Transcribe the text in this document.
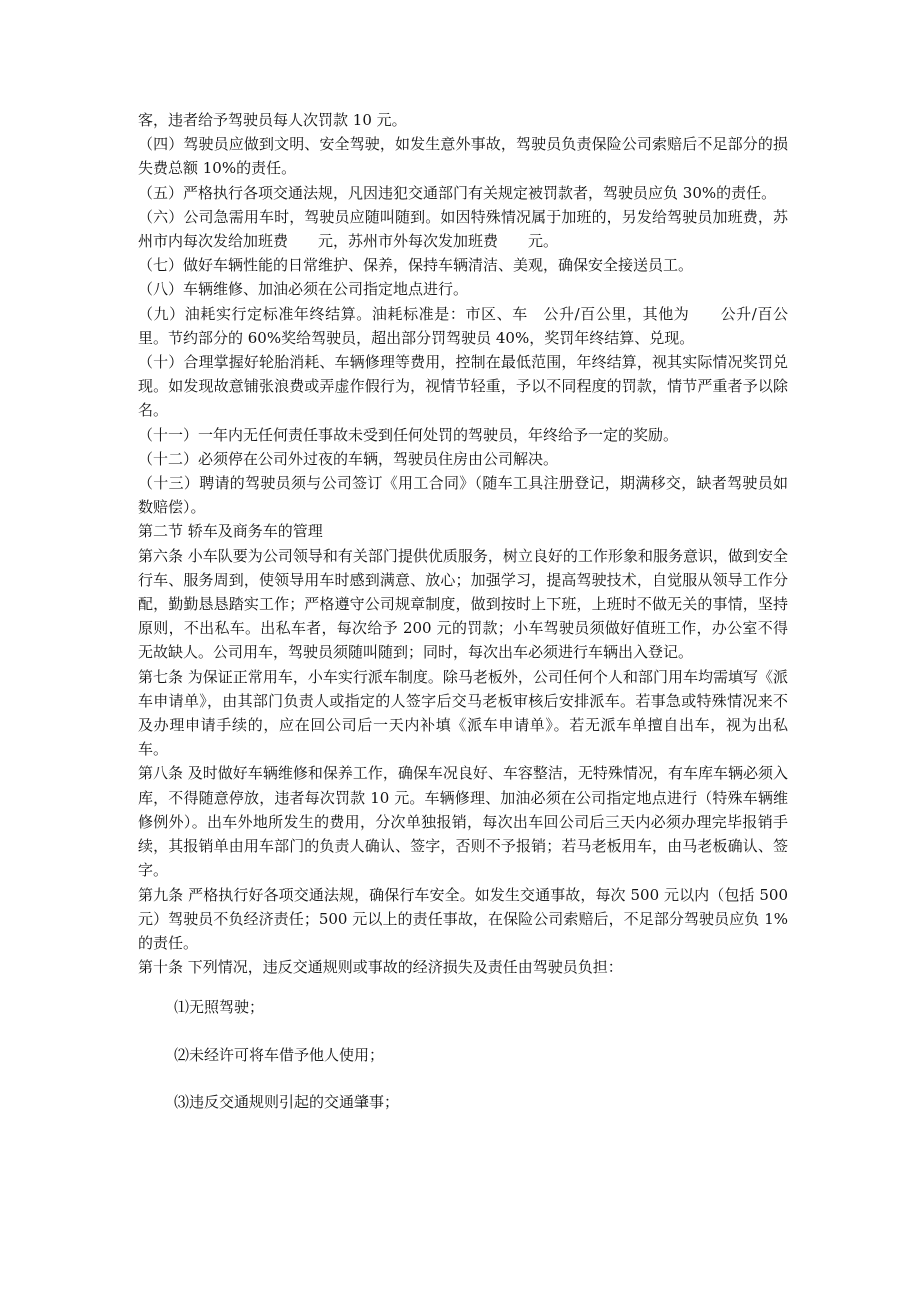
客，违者给予驾驶员每人次罚款 10 元。

（四）驾驶员应做到文明、安全驾驶，如发生意外事故，驾驶员负责保险公司索赔后不足部分的损失费总额 10%的责任。

（五）严格执行各项交通法规，凡因违犯交通部门有关规定被罚款者，驾驶员应负 30%的责任。

（六）公司急需用车时，驾驶员应随叫随到。如因特殊情况属于加班的，另发给驾驶员加班费，苏州市内每次发给加班费　　元，苏州市外每次发加班费　　元。

（七）做好车辆性能的日常维护、保养，保持车辆清洁、美观，确保安全接送员工。

（八）车辆维修、加油必须在公司指定地点进行。

（九）油耗实行定标准年终结算。油耗标准是：市区、车　公升/百公里，其他为　　公升/百公里。节约部分的 60%奖给驾驶员，超出部分罚驾驶员 40%，奖罚年终结算、兑现。

（十）合理掌握好轮胎消耗、车辆修理等费用，控制在最低范围，年终结算，视其实际情况奖罚兑现。如发现故意铺张浪费或弄虚作假行为，视情节轻重，予以不同程度的罚款，情节严重者予以除名。

（十一）一年内无任何责任事故未受到任何处罚的驾驶员，年终给予一定的奖励。

（十二）必须停在公司外过夜的车辆，驾驶员住房由公司解决。

（十三）聘请的驾驶员须与公司签订《用工合同》（随车工具注册登记，期满移交，缺者驾驶员如数赔偿）。

第二节 轿车及商务车的管理

第六条 小车队要为公司领导和有关部门提供优质服务，树立良好的工作形象和服务意识，做到安全行车、服务周到，使领导用车时感到满意、放心；加强学习，提高驾驶技术，自觉服从领导工作分配，勤勤恳恳踏实工作；严格遵守公司规章制度，做到按时上下班，上班时不做无关的事情，坚持原则，不出私车。出私车者，每次给予 200 元的罚款；小车驾驶员须做好值班工作，办公室不得无故缺人。公司用车，驾驶员须随叫随到；同时，每次出车必须进行车辆出入登记。

第七条 为保证正常用车，小车实行派车制度。除马老板外，公司任何个人和部门用车均需填写《派车申请单》，由其部门负责人或指定的人签字后交马老板审核后安排派车。若事急或特殊情况来不及办理申请手续的，应在回公司后一天内补填《派车申请单》。若无派车单擅自出车，视为出私车。

第八条 及时做好车辆维修和保养工作，确保车况良好、车容整洁，无特殊情况，有车库车辆必须入库，不得随意停放，违者每次罚款 10 元。车辆修理、加油必须在公司指定地点进行（特殊车辆维修例外）。出车外地所发生的费用，分次单独报销，每次出车回公司后三天内必须办理完毕报销手续，其报销单由用车部门的负责人确认、签字，否则不予报销；若马老板用车，由马老板确认、签字。

第九条 严格执行好各项交通法规，确保行车安全。如发生交通事故，每次 500 元以内（包括 500 元）驾驶员不负经济责任；500 元以上的责任事故，在保险公司索赔后，不足部分驾驶员应负 1%的责任。

第十条 下列情况，违反交通规则或事故的经济损失及责任由驾驶员负担：

⑴无照驾驶；

⑵未经许可将车借予他人使用；

⑶违反交通规则引起的交通肇事；
